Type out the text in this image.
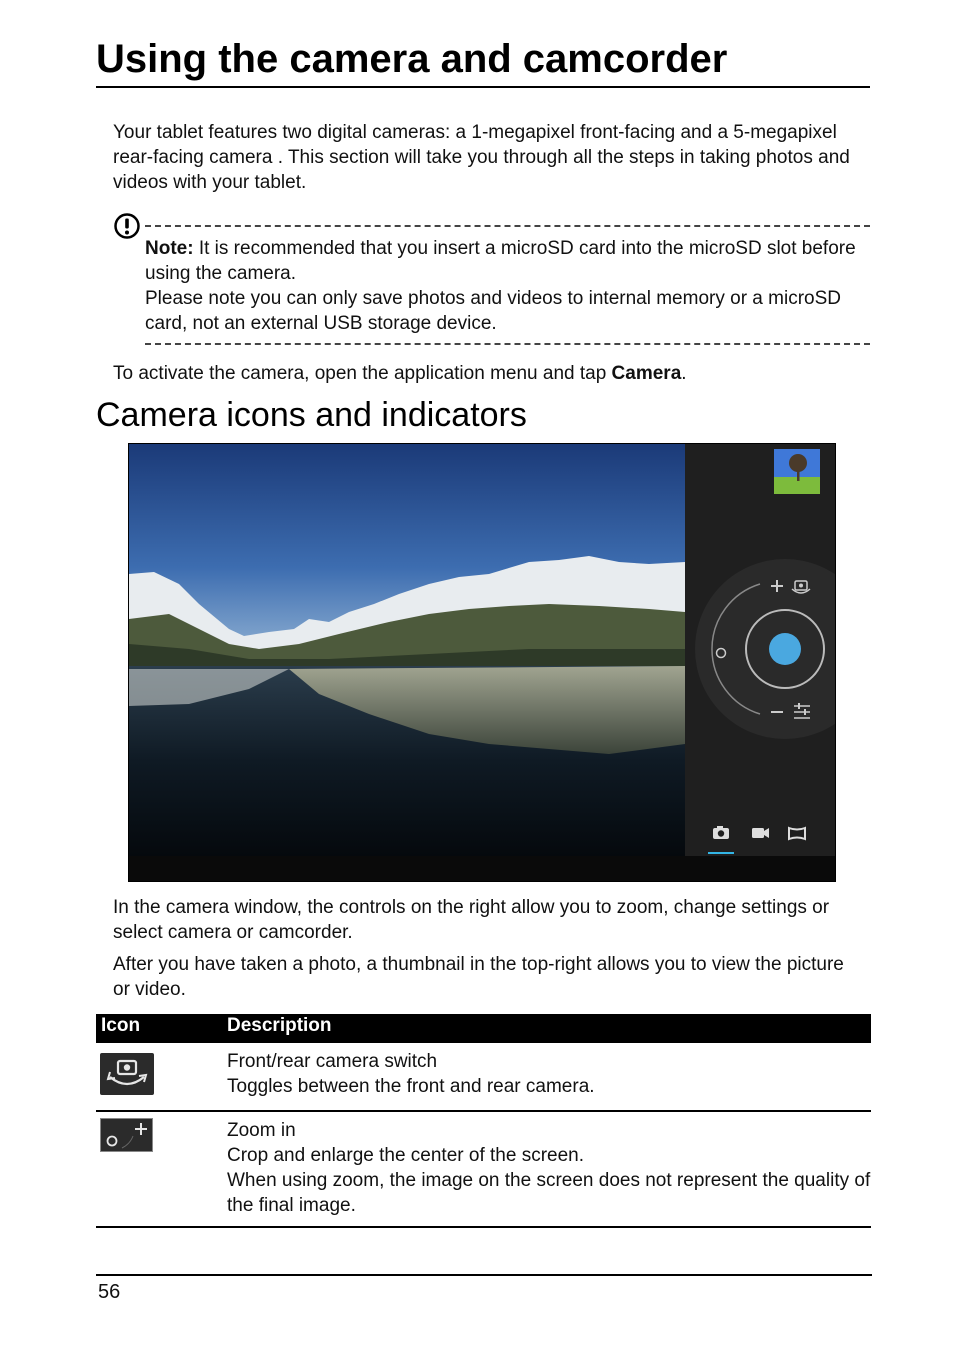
Using the camera and camcorder
Your tablet features two digital cameras: a 1-megapixel front-facing and a 5-megapixel rear-facing camera . This section will take you through all the steps in taking photos and videos with your tablet.
Note: It is recommended that you insert a microSD card into the microSD slot before using the camera.
Please note you can only save photos and videos to internal memory or a microSD card, not an external USB storage device.
To activate the camera, open the application menu and tap Camera.
Camera icons and indicators
In the camera window, the controls on the right allow you to zoom, change settings or select camera or camcorder.
After you have taken a photo, a thumbnail in the top-right allows you to view the picture or video.
Icon	Description

Front/rear camera switch
Toggles between the front and rear camera.

Zoom in
Crop and enlarge the center of the screen.
When using zoom, the image on the screen does not represent the quality of the final image.
56
